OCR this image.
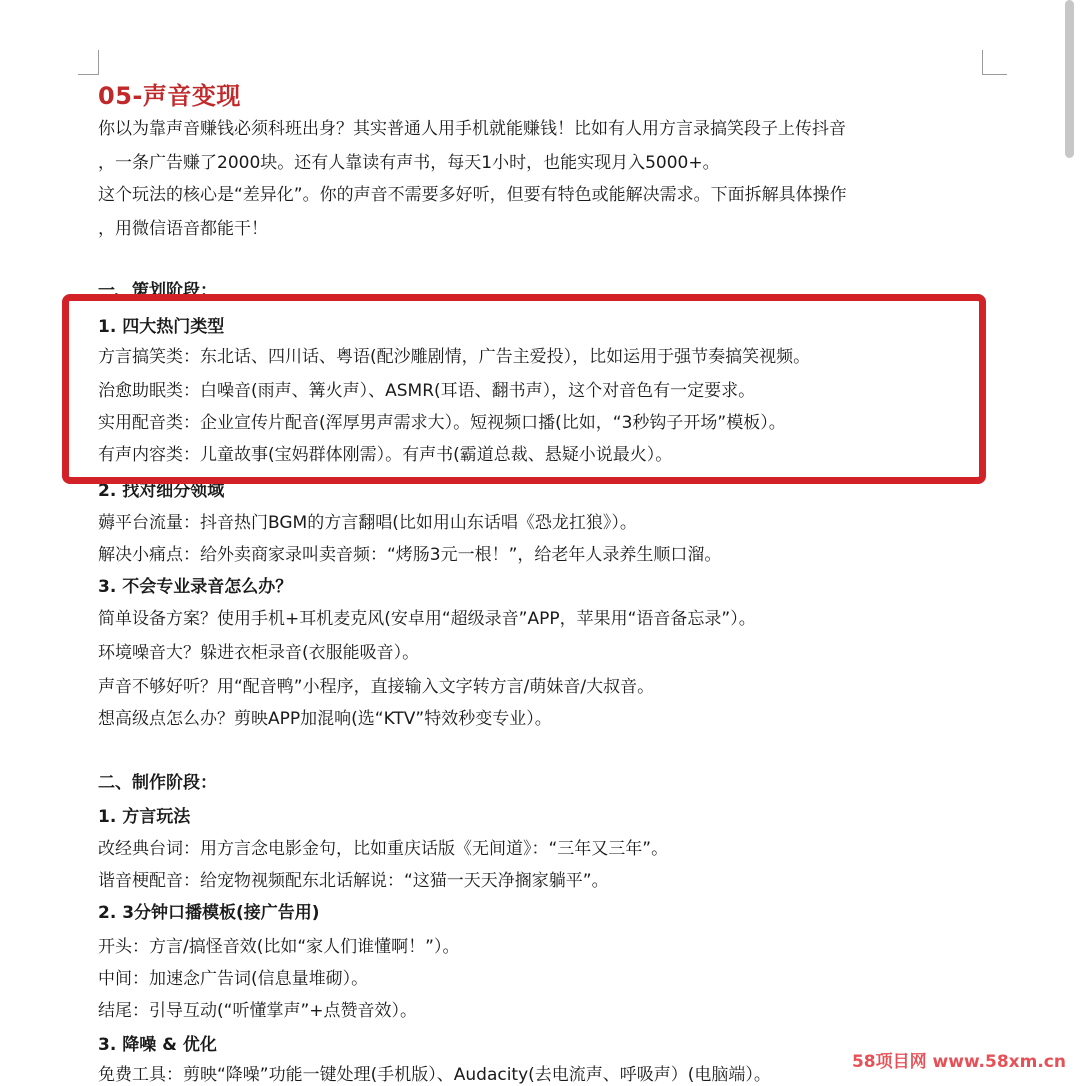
05-声音变现
你以为靠声音赚钱必须科班出身？其实普通人用手机就能赚钱！比如有人用方言录搞笑段子上传抖音
，一条广告赚了2000块。还有人靠读有声书，每天1小时，也能实现月入5000+。
这个玩法的核心是“差异化”。你的声音不需要多好听，但要有特色或能解决需求。下面拆解具体操作
，用微信语音都能干！
一、策划阶段：
1. 四大热门类型
方言搞笑类：东北话、四川话、粤语(配沙雕剧情，广告主爱投），比如运用于强节奏搞笑视频。
治愈助眠类：白噪音(雨声、篝火声）、ASMR(耳语、翻书声），这个对音色有一定要求。
实用配音类：企业宣传片配音(浑厚男声需求大）。短视频口播(比如，“3秒钩子开场”模板）。
有声内容类：儿童故事(宝妈群体刚需）。有声书(霸道总裁、悬疑小说最火）。
2. 找对细分领域
薅平台流量：抖音热门BGM的方言翻唱(比如用山东话唱《恐龙扛狼》）。
解决小痛点：给外卖商家录叫卖音频：“烤肠3元一根！”，给老年人录养生顺口溜。
3. 不会专业录音怎么办？
简单设备方案？使用手机+耳机麦克风(安卓用“超级录音”APP，苹果用“语音备忘录”）。
环境噪音大？躲进衣柜录音(衣服能吸音）。
声音不够好听？用“配音鸭”小程序，直接输入文字转方言/萌妹音/大叔音。
想高级点怎么办？剪映APP加混响(选“KTV”特效秒变专业）。
二、制作阶段：
1. 方言玩法
改经典台词：用方言念电影金句，比如重庆话版《无间道》：“三年又三年”。
谐音梗配音：给宠物视频配东北话解说：“这猫一天天净搁家躺平”。
2. 3分钟口播模板(接广告用)
开头：方言/搞怪音效(比如“家人们谁懂啊！”）。
中间：加速念广告词(信息量堆砌）。
结尾：引导互动(“听懂掌声”+点赞音效）。
3. 降噪 & 优化
免费工具：剪映“降噪”功能一键处理(手机版）、Audacity(去电流声、呼吸声）(电脑端）。
58项目网 www.58xm.cn
